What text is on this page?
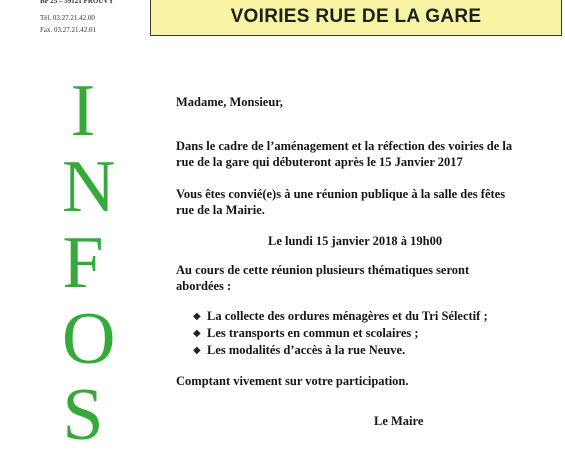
BP 25 – 59121 PROUVY
Tél. 03.27.21.42.00
Fax. 03.27.21.42.01
VOIRIES RUE DE LA GARE
I
N
F
O
S
Madame, Monsieur,
Dans le cadre de l’aménagement et la réfection des voiries de la
rue de la gare qui débuteront après le 15 Janvier 2017
Vous êtes convié(e)s à une réunion publique à la salle des fêtes
rue de la Mairie.
Le lundi 15 janvier 2018 à 19h00
Au cours de cette réunion plusieurs thématiques seront
abordées :
◆ La collecte des ordures ménagères et du Tri Sélectif ;
◆ Les transports en commun et scolaires ;
◆ Les modalités d’accès à la rue Neuve.
Comptant vivement sur votre participation.
Le Maire
